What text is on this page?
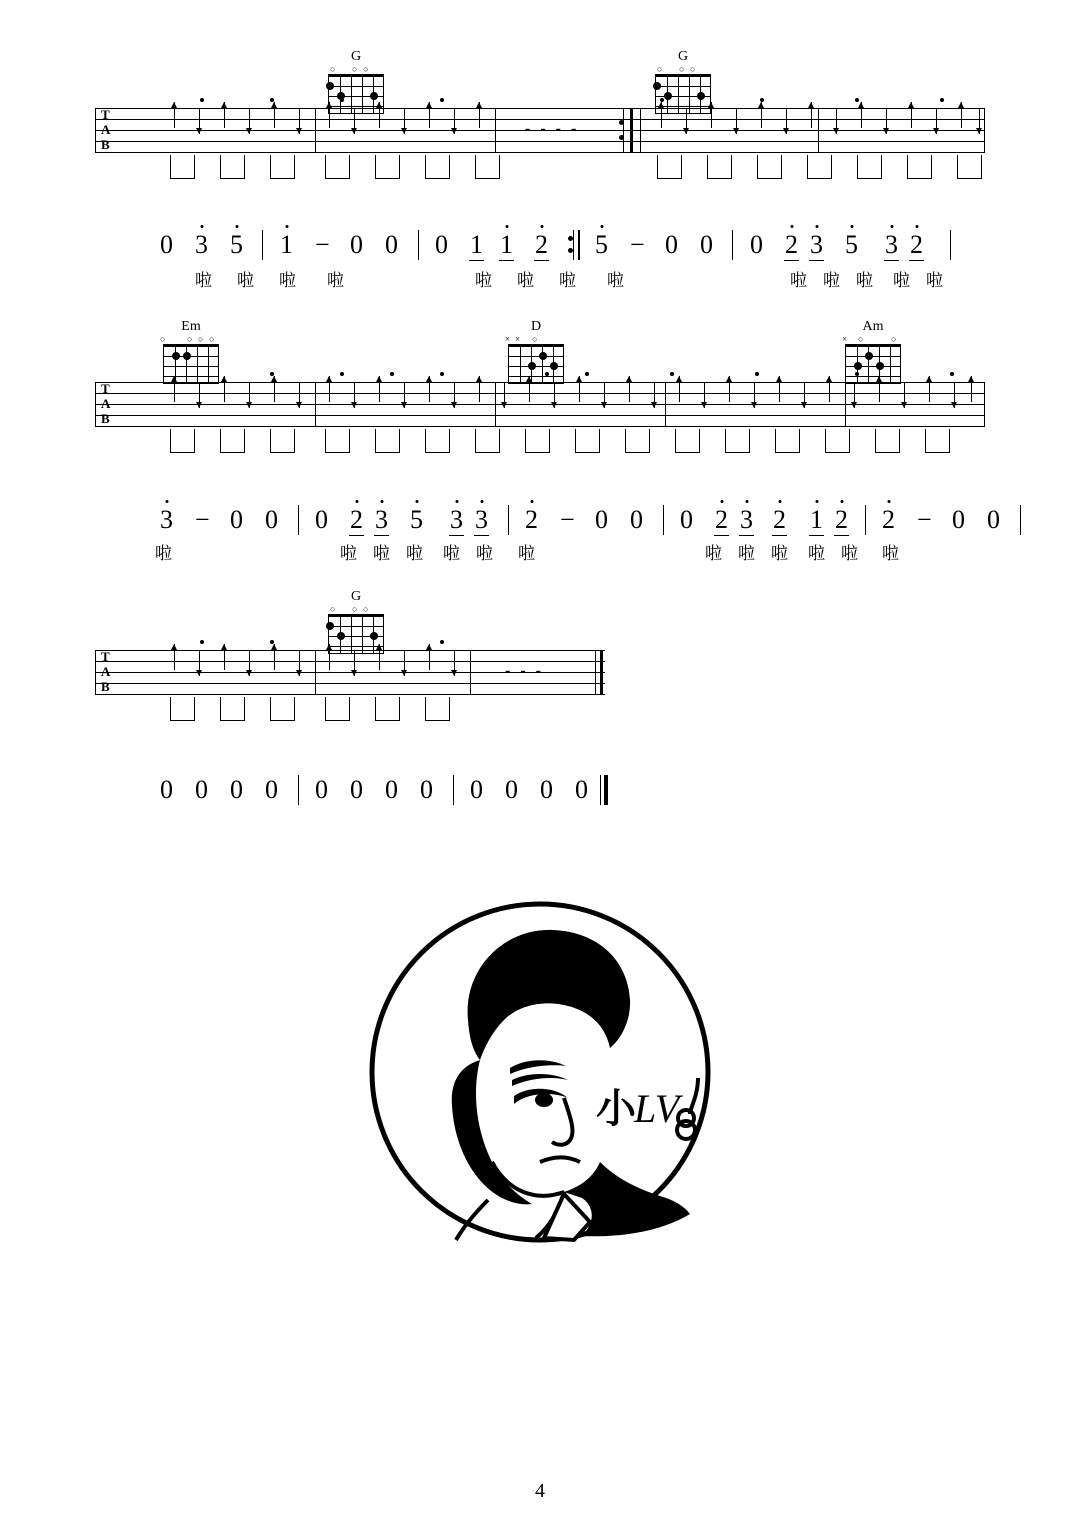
T
A
B
- - - -
G
○ ○ ○
G
○ ○ ○
0 3 5 1 − 0 0 0 1 1 2 5 − 0 0 0 2 3 5 3 2
啦 啦 啦 啦	啦 啦 啦 啦	啦 啦 啦 啦 啦
T
A
B
Em
○ ○ ○ ○
D
× × ○
Am
× ○	○
3 − 0 0 0 2 3 5 3 3 2 − 0 0 0 2 3 2 1 2 2 − 0 0
啦	啦 啦 啦 啦 啦 啦	啦 啦 啦 啦 啦 啦
T
A
B
- - -
G
○ ○ ○
0 0 0 0 0 0 0 0 0 0 0 0
小
LV
4
